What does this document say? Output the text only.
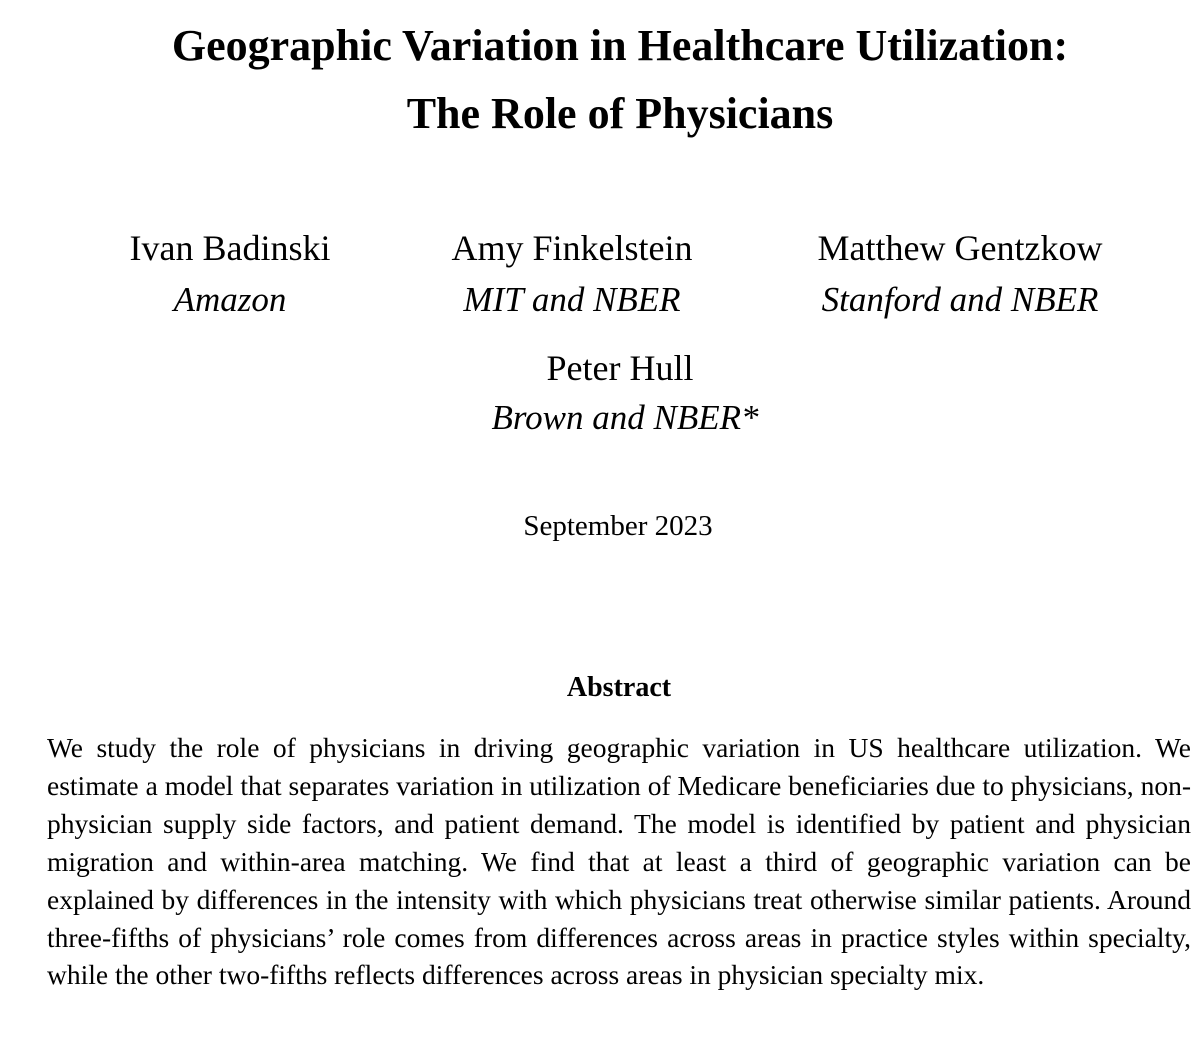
Geographic Variation in Healthcare Utilization:
The Role of Physicians
Ivan Badinski
Amazon
Amy Finkelstein
MIT and NBER
Matthew Gentzkow
Stanford and NBER
Peter Hull
Brown and NBER*
September 2023
Abstract

We study the role of physicians in driving geographic variation in US healthcare utilization. We estimate a model that separates variation in utilization of Medicare beneficiaries due to physicians, non-physician supply side factors, and patient demand. The model is identified by patient and physician migration and within-area matching. We find that at least a third of geographic variation can be explained by differences in the intensity with which physicians treat otherwise similar patients. Around three-fifths of physicians’ role comes from differences across areas in practice styles within specialty, while the other two-fifths reflects differences across areas in physician specialty mix.
